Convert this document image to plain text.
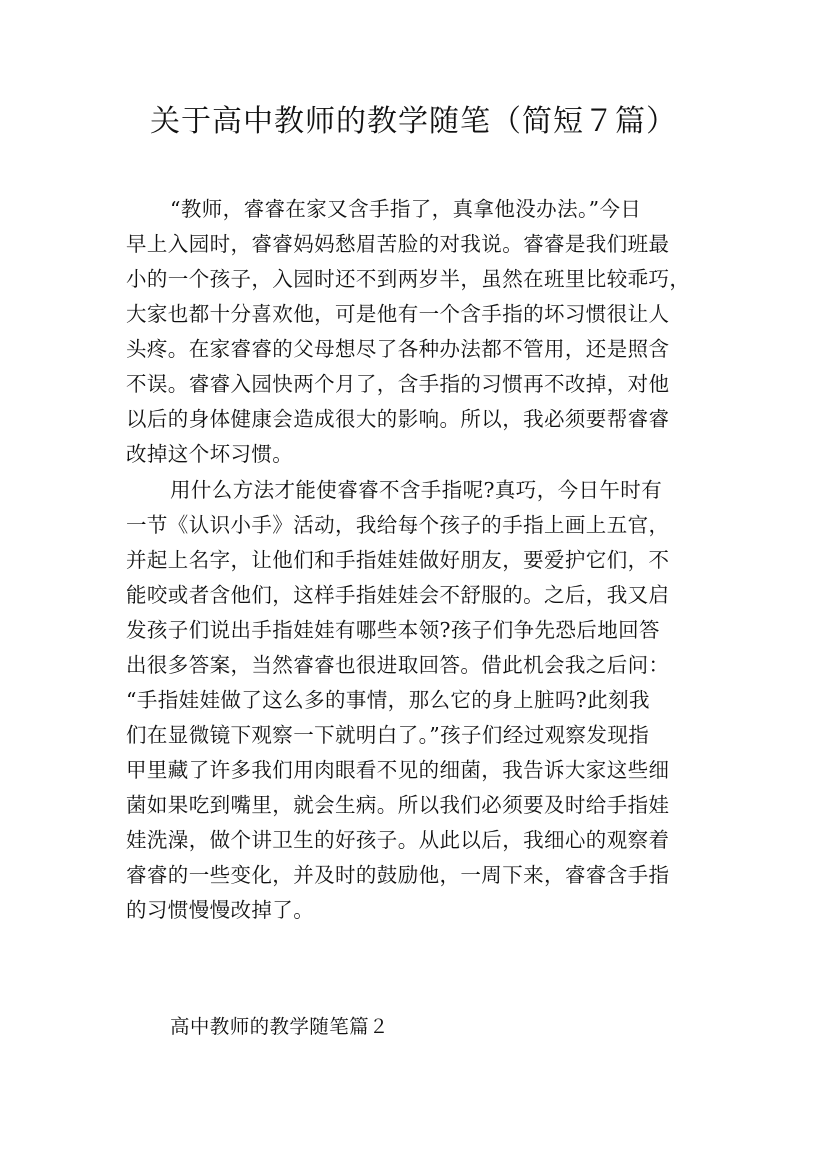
关于高中教师的教学随笔（简短７篇）

“教师，睿睿在家又含手指了，真拿他没办法。”今日
早上入园时，睿睿妈妈愁眉苦脸的对我说。睿睿是我们班最
小的一个孩子，入园时还不到两岁半，虽然在班里比较乖巧，
大家也都十分喜欢他，可是他有一个含手指的坏习惯很让人
头疼。在家睿睿的父母想尽了各种办法都不管用，还是照含
不误。睿睿入园快两个月了，含手指的习惯再不改掉，对他
以后的身体健康会造成很大的影响。所以，我必须要帮睿睿
改掉这个坏习惯。

用什么方法才能使睿睿不含手指呢?真巧，今日午时有
一节《认识小手》活动，我给每个孩子的手指上画上五官，
并起上名字，让他们和手指娃娃做好朋友，要爱护它们，不
能咬或者含他们，这样手指娃娃会不舒服的。之后，我又启
发孩子们说出手指娃娃有哪些本领?孩子们争先恐后地回答
出很多答案，当然睿睿也很进取回答。借此机会我之后问：
“手指娃娃做了这么多的事情，那么它的身上脏吗?此刻我
们在显微镜下观察一下就明白了。”孩子们经过观察发现指
甲里藏了许多我们用肉眼看不见的细菌，我告诉大家这些细
菌如果吃到嘴里，就会生病。所以我们必须要及时给手指娃
娃洗澡，做个讲卫生的好孩子。从此以后，我细心的观察着
睿睿的一些变化，并及时的鼓励他，一周下来，睿睿含手指
的习惯慢慢改掉了。

高中教师的教学随笔篇２
